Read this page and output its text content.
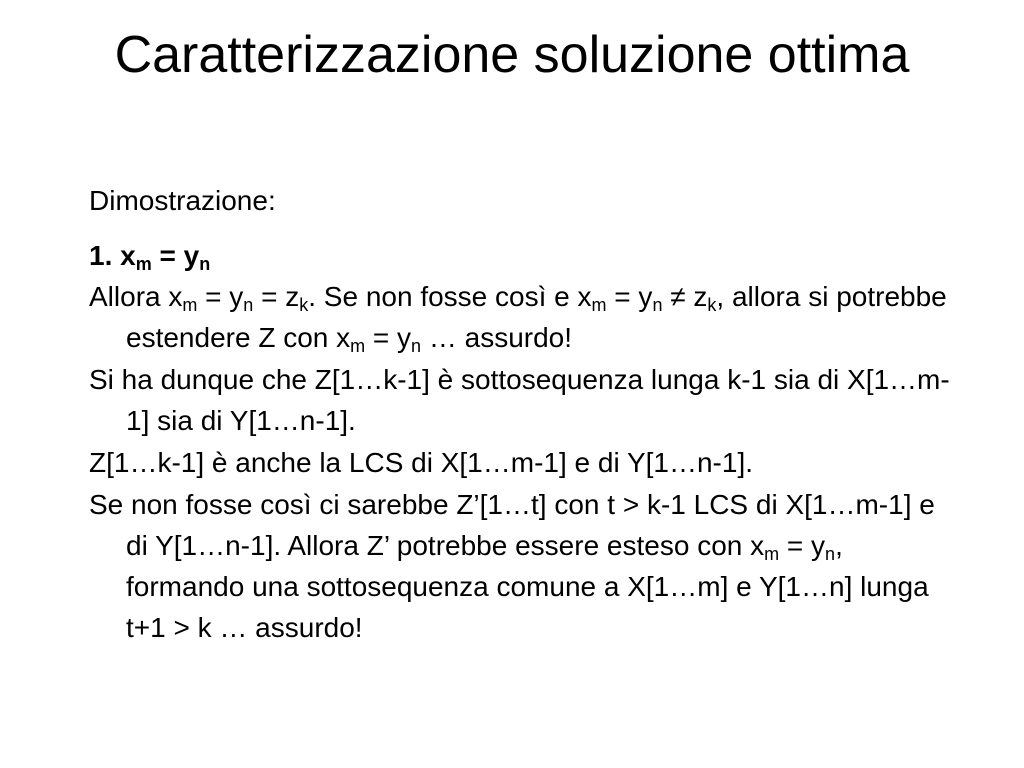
Caratterizzazione soluzione ottima
Dimostrazione:
1. $x_m = y_n$
Allora $x_m = y_n = z_k$. Se non fosse così e $x_m = y_n \ne z_k$, allora si potrebbe estendere Z con $x_m = y_n$ … assurdo!
Si ha dunque che Z[1…k-1] è sottosequenza lunga k-1 sia di X[1…m-1] sia di Y[1…n-1].
Z[1…k-1] è anche la LCS di X[1…m-1] e di Y[1…n-1].
Se non fosse così ci sarebbe Z’[1…t] con t > k-1 LCS di X[1…m-1] e di Y[1…n-1]. Allora Z’ potrebbe essere esteso con $x_m = y_n$, formando una sottosequenza comune a X[1…m] e Y[1…n] lunga t+1 > k … assurdo!
